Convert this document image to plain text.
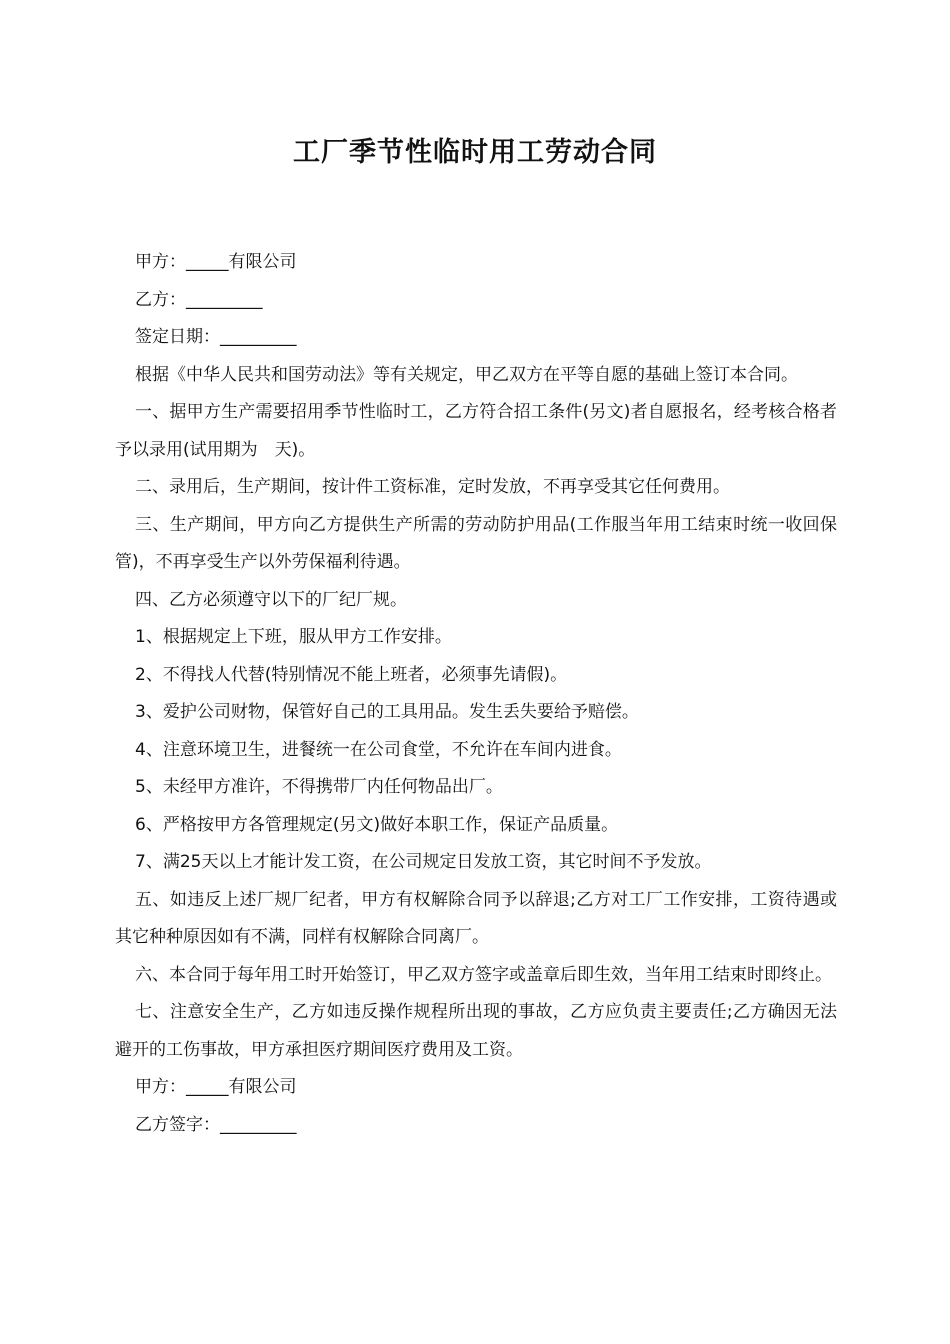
工厂季节性临时用工劳动合同

甲方：_____有限公司

乙方：_________

签定日期：_________

根据《中华人民共和国劳动法》等有关规定，甲乙双方在平等自愿的基础上签订本合同。

一、据甲方生产需要招用季节性临时工，乙方符合招工条件(另文)者自愿报名，经考核合格者予以录用(试用期为　天)。

二、录用后，生产期间，按计件工资标准，定时发放，不再享受其它任何费用。

三、生产期间，甲方向乙方提供生产所需的劳动防护用品(工作服当年用工结束时统一收回保管)，不再享受生产以外劳保福利待遇。

四、乙方必须遵守以下的厂纪厂规。

1、根据规定上下班，服从甲方工作安排。

2、不得找人代替(特别情况不能上班者，必须事先请假)。

3、爱护公司财物，保管好自己的工具用品。发生丢失要给予赔偿。

4、注意环境卫生，进餐统一在公司食堂，不允许在车间内进食。

5、未经甲方准许，不得携带厂内任何物品出厂。

6、严格按甲方各管理规定(另文)做好本职工作，保证产品质量。

7、满25天以上才能计发工资，在公司规定日发放工资，其它时间不予发放。

五、如违反上述厂规厂纪者，甲方有权解除合同予以辞退;乙方对工厂工作安排，工资待遇或其它种种原因如有不满，同样有权解除合同离厂。

六、本合同于每年用工时开始签订，甲乙双方签字或盖章后即生效，当年用工结束时即终止。

七、注意安全生产，乙方如违反操作规程所出现的事故，乙方应负责主要责任;乙方确因无法避开的工伤事故，甲方承担医疗期间医疗费用及工资。

甲方：_____有限公司

乙方签字：_________
